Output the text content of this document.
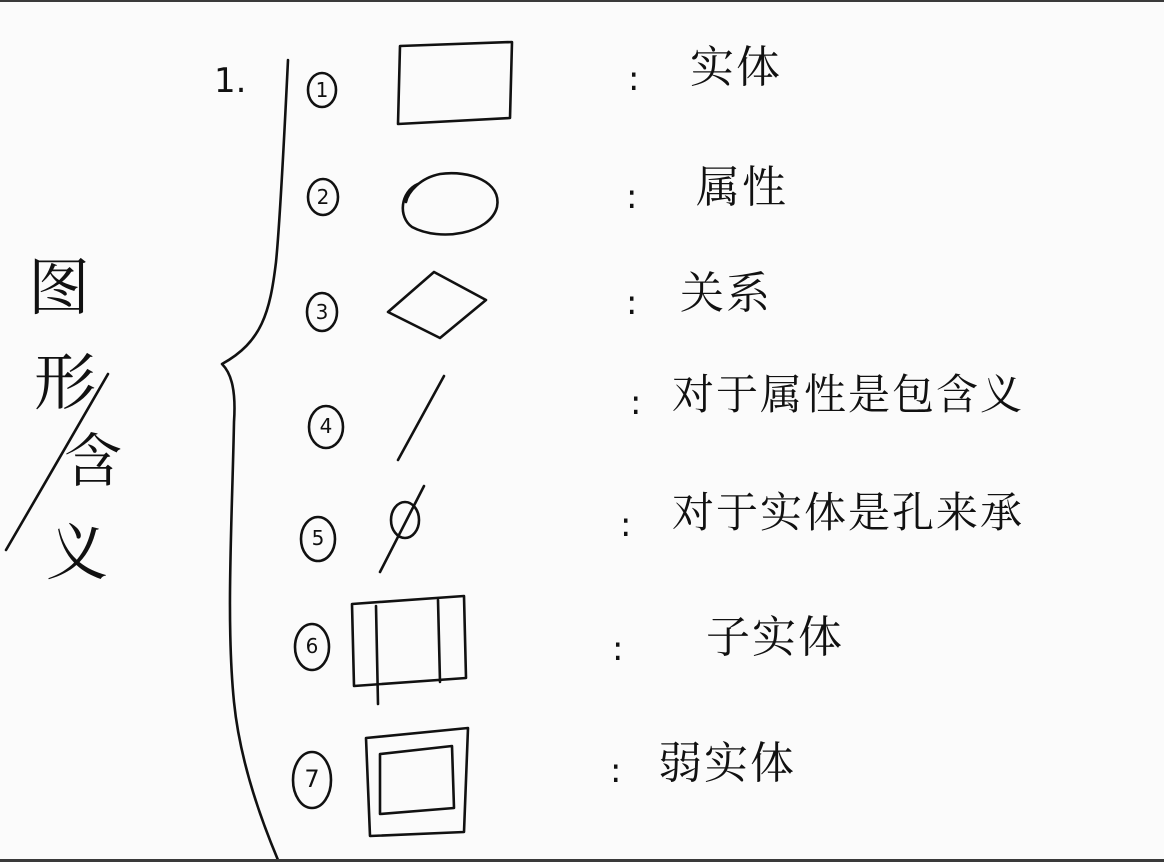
图
形
含
义
1.	1
2
3
4
5
6
7
:
:
:
:
:
:
:
实体
属性
关系
对于属性是包含义
对于实体是孔来承
子实体
弱实体
